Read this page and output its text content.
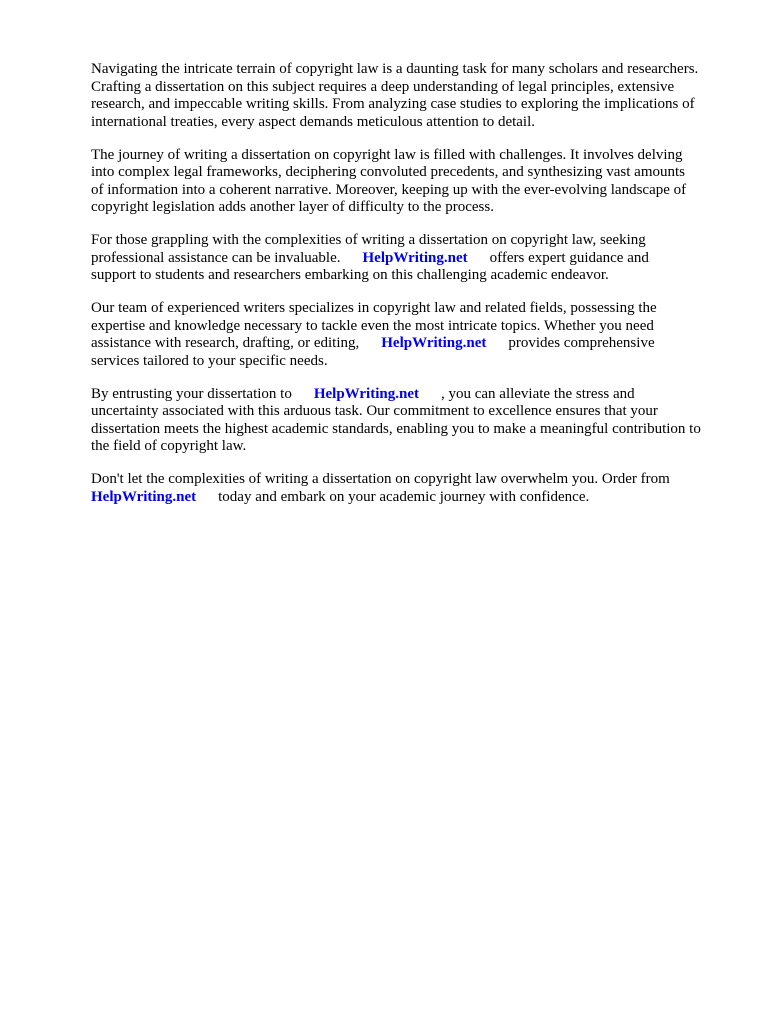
Navigating the intricate terrain of copyright law is a daunting task for many scholars and researchers.
Crafting a dissertation on this subject requires a deep understanding of legal principles, extensive
research, and impeccable writing skills. From analyzing case studies to exploring the implications of
international treaties, every aspect demands meticulous attention to detail.
The journey of writing a dissertation on copyright law is filled with challenges. It involves delving
into complex legal frameworks, deciphering convoluted precedents, and synthesizing vast amounts
of information into a coherent narrative. Moreover, keeping up with the ever-evolving landscape of
copyright legislation adds another layer of difficulty to the process.
For those grappling with the complexities of writing a dissertation on copyright law, seeking
professional assistance can be invaluable. HelpWriting.net offers expert guidance and
support to students and researchers embarking on this challenging academic endeavor.
Our team of experienced writers specializes in copyright law and related fields, possessing the
expertise and knowledge necessary to tackle even the most intricate topics. Whether you need
assistance with research, drafting, or editing, HelpWriting.net provides comprehensive
services tailored to your specific needs.
By entrusting your dissertation to HelpWriting.net , you can alleviate the stress and
uncertainty associated with this arduous task. Our commitment to excellence ensures that your
dissertation meets the highest academic standards, enabling you to make a meaningful contribution to
the field of copyright law.
Don't let the complexities of writing a dissertation on copyright law overwhelm you. Order from
HelpWriting.net today and embark on your academic journey with confidence.
